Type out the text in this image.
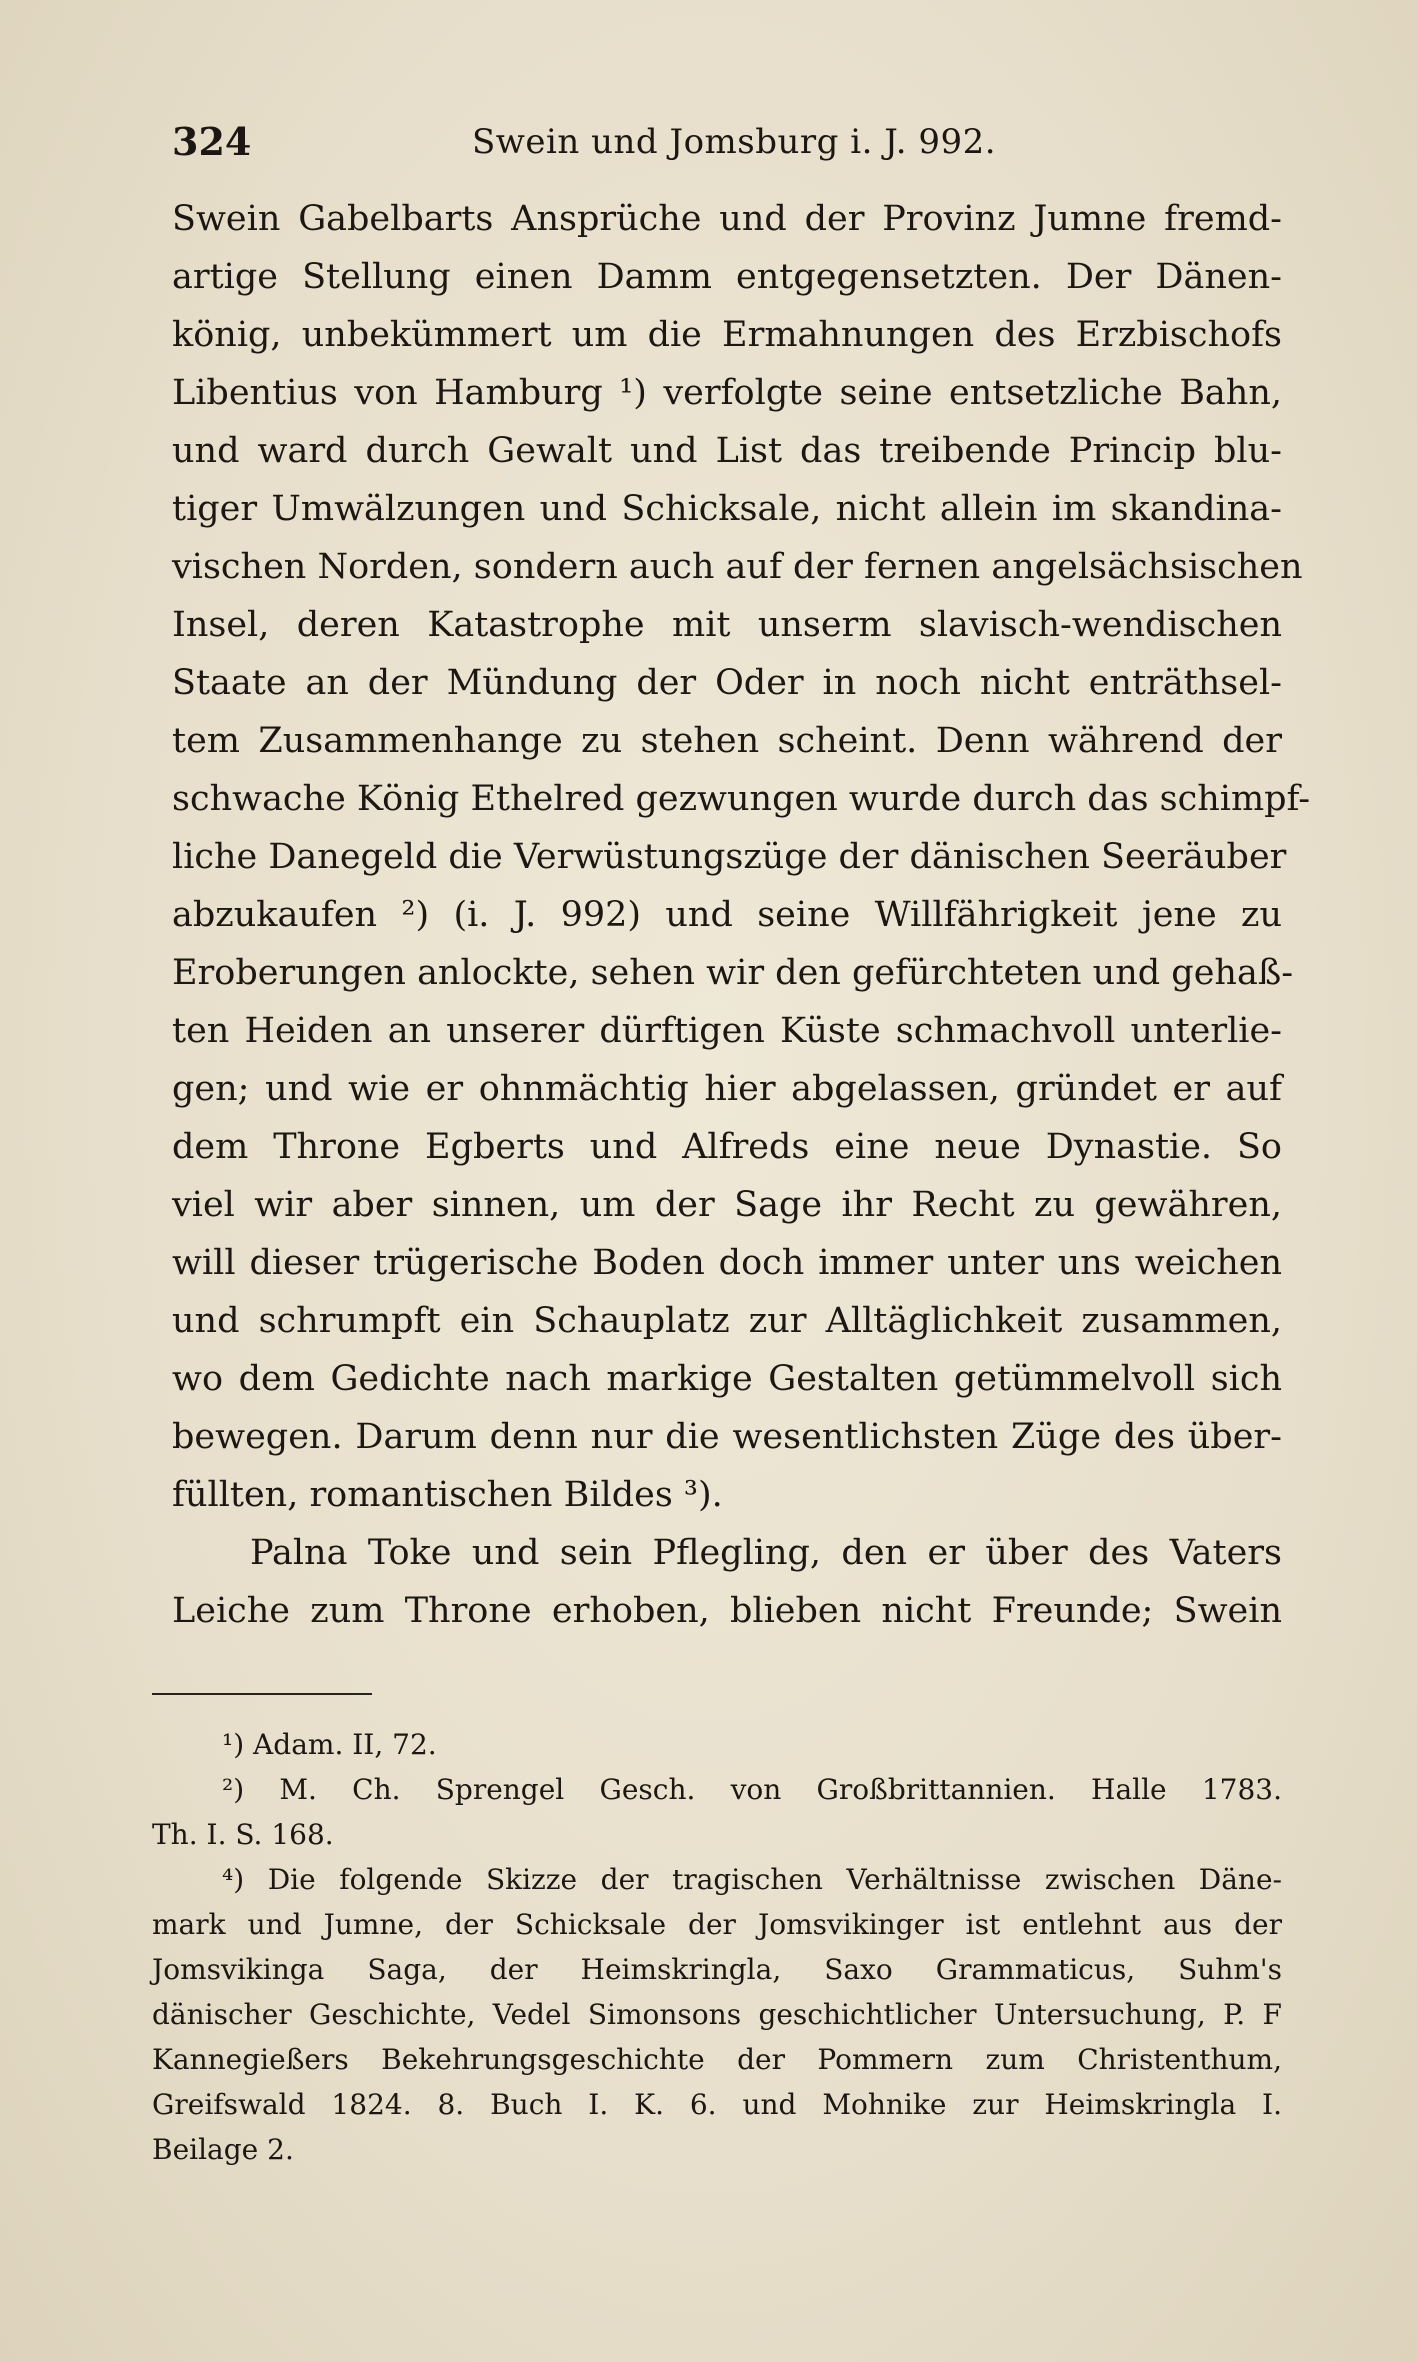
324	Swein und Jomsburg i. J. 992.
Swein Gabelbarts Ansprüche und der Provinz Jumne fremd-
artige Stellung einen Damm entgegensetzten. Der Dänen-
könig, unbekümmert um die Ermahnungen des Erzbischofs
Libentius von Hamburg ¹) verfolgte seine entsetzliche Bahn,
und ward durch Gewalt und List das treibende Princip blu-
tiger Umwälzungen und Schicksale, nicht allein im skandina-
vischen Norden, sondern auch auf der fernen angelsächsischen
Insel, deren Katastrophe mit unserm slavisch-wendischen
Staate an der Mündung der Oder in noch nicht enträthsel-
tem Zusammenhange zu stehen scheint. Denn während der
schwache König Ethelred gezwungen wurde durch das schimpf-
liche Danegeld die Verwüstungszüge der dänischen Seeräuber
abzukaufen ²) (i. J. 992) und seine Willfährigkeit jene zu
Eroberungen anlockte, sehen wir den gefürchteten und gehaß-
ten Heiden an unserer dürftigen Küste schmachvoll unterlie-
gen; und wie er ohnmächtig hier abgelassen, gründet er auf
dem Throne Egberts und Alfreds eine neue Dynastie. So
viel wir aber sinnen, um der Sage ihr Recht zu gewähren,
will dieser trügerische Boden doch immer unter uns weichen
und schrumpft ein Schauplatz zur Alltäglichkeit zusammen,
wo dem Gedichte nach markige Gestalten getümmelvoll sich
bewegen. Darum denn nur die wesentlichsten Züge des über-
füllten, romantischen Bildes ³).
Palna Toke und sein Pflegling, den er über des Vaters
Leiche zum Throne erhoben, blieben nicht Freunde; Swein
¹) Adam. II, 72.
²) M. Ch. Sprengel Gesch. von Großbrittannien. Halle 1783.
Th. I. S. 168.
⁴) Die folgende Skizze der tragischen Verhältnisse zwischen Däne-
mark und Jumne, der Schicksale der Jomsvikinger ist entlehnt aus der
Jomsvikinga Saga, der Heimskringla, Saxo Grammaticus, Suhm's
dänischer Geschichte, Vedel Simonsons geschichtlicher Untersuchung, P. F
Kannegießers Bekehrungsgeschichte der Pommern zum Christenthum,
Greifswald 1824. 8. Buch I. K. 6. und Mohnike zur Heimskringla I.
Beilage 2.
